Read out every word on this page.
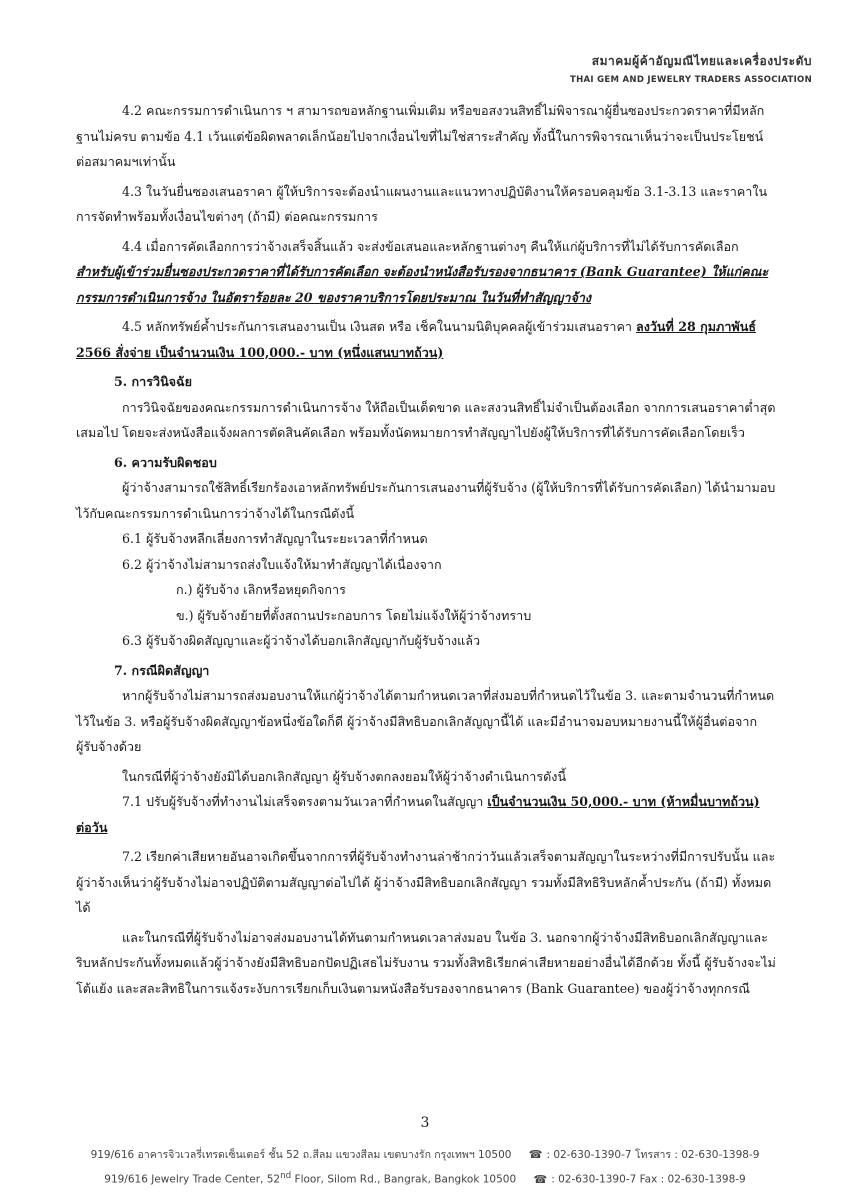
สมาคมผู้ค้าอัญมณีไทยและเครื่องประดับ
THAI GEM AND JEWELRY TRADERS ASSOCIATION

4.2 คณะกรรมการดำเนินการ ฯ สามารถขอหลักฐานเพิ่มเติม หรือขอสงวนสิทธิ์ไม่พิจารณาผู้ยื่นซองประกวดราคาที่มีหลักฐานไม่ครบ ตามข้อ 4.1 เว้นแต่ข้อผิดพลาดเล็กน้อยไปจากเงื่อนไขที่ไม่ใช่สาระสำคัญ ทั้งนี้ในการพิจารณาเห็นว่าจะเป็นประโยชน์ต่อสมาคมฯเท่านั้น

4.3 ในวันยื่นซองเสนอราคา ผู้ให้บริการจะต้องนำแผนงานและแนวทางปฏิบัติงานให้ครอบคลุมข้อ 3.1-3.13 และราคาในการจัดทำพร้อมทั้งเงื่อนไขต่างๆ (ถ้ามี) ต่อคณะกรรมการ

4.4 เมื่อการคัดเลือกการว่าจ้างเสร็จสิ้นแล้ว จะส่งข้อเสนอและหลักฐานต่างๆ คืนให้แก่ผู้บริการที่ไม่ได้รับการคัดเลือก
สำหรับผู้เข้าร่วมยื่นซองประกวดราคาที่ได้รับการคัดเลือก จะต้องนำหนังสือรับรองจากธนาคาร (Bank Guarantee) ให้แก่คณะกรรมการดำเนินการจ้าง ในอัตราร้อยละ 20 ของราคาบริการโดยประมาณ ในวันที่ทำสัญญาจ้าง

4.5 หลักทรัพย์ค้ำประกันการเสนองานเป็น เงินสด หรือ เช็คในนามนิติบุคคลผู้เข้าร่วมเสนอราคา ลงวันที่ 28 กุมภาพันธ์ 2566 สั่งจ่าย เป็นจำนวนเงิน 100,000.- บาท (หนึ่งแสนบาทถ้วน)

5. การวินิจฉัย

การวินิจฉัยของคณะกรรมการดำเนินการจ้าง ให้ถือเป็นเด็ดขาด และสงวนสิทธิ์ไม่จำเป็นต้องเลือก จากการเสนอราคาต่ำสุดเสมอไป โดยจะส่งหนังสือแจ้งผลการตัดสินคัดเลือก พร้อมทั้งนัดหมายการทำสัญญาไปยังผู้ให้บริการที่ได้รับการคัดเลือกโดยเร็ว

6. ความรับผิดชอบ

ผู้ว่าจ้างสามารถใช้สิทธิ์เรียกร้องเอาหลักทรัพย์ประกันการเสนองานที่ผู้รับจ้าง (ผู้ให้บริการที่ได้รับการคัดเลือก) ได้นำมามอบไว้กับคณะกรรมการดำเนินการว่าจ้างได้ในกรณีดังนี้

6.1 ผู้รับจ้างหลีกเลี่ยงการทำสัญญาในระยะเวลาที่กำหนด

6.2 ผู้ว่าจ้างไม่สามารถส่งใบแจ้งให้มาทำสัญญาได้เนื่องจาก

ก.) ผู้รับจ้าง เลิกหรือหยุดกิจการ

ข.) ผู้รับจ้างย้ายที่ตั้งสถานประกอบการ โดยไม่แจ้งให้ผู้ว่าจ้างทราบ

6.3 ผู้รับจ้างผิดสัญญาและผู้ว่าจ้างได้บอกเลิกสัญญากับผู้รับจ้างแล้ว

7. กรณีผิดสัญญา

หากผู้รับจ้างไม่สามารถส่งมอบงานให้แก่ผู้ว่าจ้างได้ตามกำหนดเวลาที่ส่งมอบที่กำหนดไว้ในข้อ 3. และตามจำนวนที่กำหนดไว้ในข้อ 3. หรือผู้รับจ้างผิดสัญญาข้อหนึ่งข้อใดก็ดี ผู้ว่าจ้างมีสิทธิบอกเลิกสัญญานี้ได้ และมีอำนาจมอบหมายงานนี้ให้ผู้อื่นต่อจากผู้รับจ้างด้วย

ในกรณีที่ผู้ว่าจ้างยังมิได้บอกเลิกสัญญา ผู้รับจ้างตกลงยอมให้ผู้ว่าจ้างดำเนินการดังนี้

7.1 ปรับผู้รับจ้างที่ทำงานไม่เสร็จตรงตามวันเวลาที่กำหนดในสัญญา เป็นจำนวนเงิน 50,000.- บาท (ห้าหมื่นบาทถ้วน) ต่อวัน

7.2 เรียกค่าเสียหายอันอาจเกิดขึ้นจากการที่ผู้รับจ้างทำงานล่าช้ากว่าวันแล้วเสร็จตามสัญญาในระหว่างที่มีการปรับนั้น และผู้ว่าจ้างเห็นว่าผู้รับจ้างไม่อาจปฏิบัติตามสัญญาต่อไปได้ ผู้ว่าจ้างมีสิทธิบอกเลิกสัญญา รวมทั้งมีสิทธิริบหลักค้ำประกัน (ถ้ามี) ทั้งหมดได้

และในกรณีที่ผู้รับจ้างไม่อาจส่งมอบงานได้ทันตามกำหนดเวลาส่งมอบ ในข้อ 3. นอกจากผู้ว่าจ้างมีสิทธิบอกเลิกสัญญาและริบหลักประกันทั้งหมดแล้วผู้ว่าจ้างยังมีสิทธิบอกปัดปฏิเสธไม่รับงาน รวมทั้งสิทธิเรียกค่าเสียหายอย่างอื่นได้อีกด้วย ทั้งนี้ ผู้รับจ้างจะไม่โต้แย้ง และสละสิทธิในการแจ้งระงับการเรียกเก็บเงินตามหนังสือรับรองจากธนาคาร (Bank Guarantee) ของผู้ว่าจ้างทุกกรณี

3
919/616 อาคารจิวเวลรี่เทรดเซ็นเตอร์ ชั้น 52 ถ.สีลม แขวงสีลม เขตบางรัก กรุงเทพฯ 10500 ☎ : 02-630-1390-7 โทรสาร : 02-630-1398-9
919/616 Jewelry Trade Center, 52nd Floor, Silom Rd., Bangrak, Bangkok 10500 ☎ : 02-630-1390-7 Fax : 02-630-1398-9
